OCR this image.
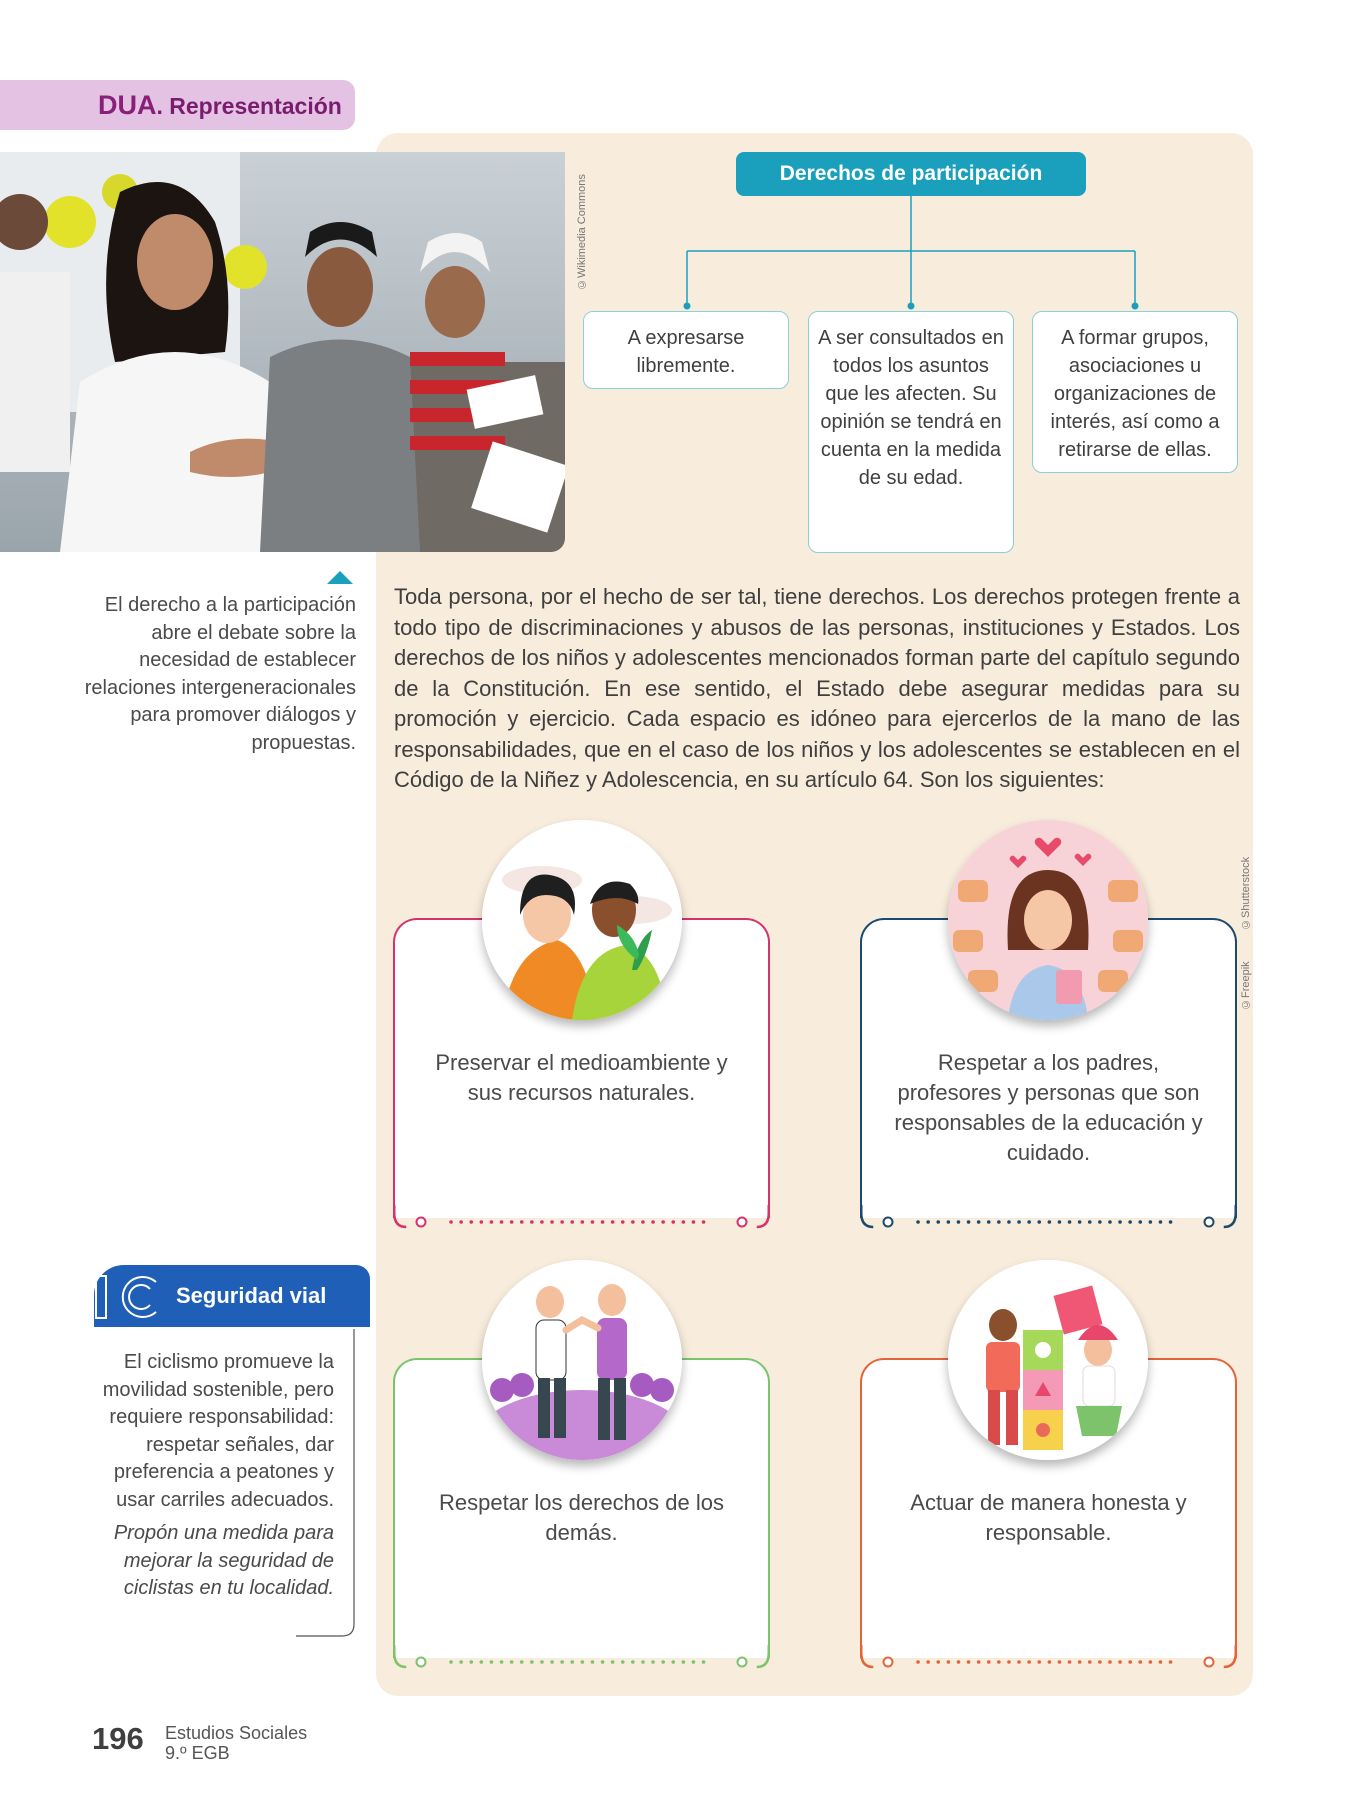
DUA. Representación
©Wikimedia Commons
Derechos de participación
A expresarse libremente.
A ser consultados en todos los asuntos que les afecten. Su opinión se tendrá en cuenta en la medida de su edad.
A formar grupos, asociaciones u organizaciones de interés, así como a retirarse de ellas.
El derecho a la participación abre el debate sobre la necesidad de establecer relaciones intergeneracionales para promover diálogos y propuestas.
Toda persona, por el hecho de ser tal, tiene derechos. Los derechos protegen frente a todo tipo de discriminaciones y abusos de las personas, instituciones y Estados. Los derechos de los niños y adolescentes mencionados forman parte del capítulo segundo de la Constitución. En ese sentido, el Estado debe asegurar medidas para su promoción y ejercicio. Cada espacio es idóneo para ejercerlos de la mano de las responsabilidades, que en el caso de los niños y los adolescentes se establecen en el Código de la Niñez y Adolescencia, en su artículo 64. Son los siguientes:
©Shutterstock
©Freepik
Preservar el medioambiente y sus recursos naturales.
Respetar a los padres, profesores y personas que son responsables de la educación y cuidado.
Respetar los derechos de los demás.
Actuar de manera honesta y responsable.
Seguridad vial
El ciclismo promueve la movilidad sostenible, pero requiere responsabilidad: respetar señales, dar preferencia a peatones y usar carriles adecuados.
Propón una medida para mejorar la seguridad de ciclistas en tu localidad.
196 Estudios Sociales
9.º EGB
